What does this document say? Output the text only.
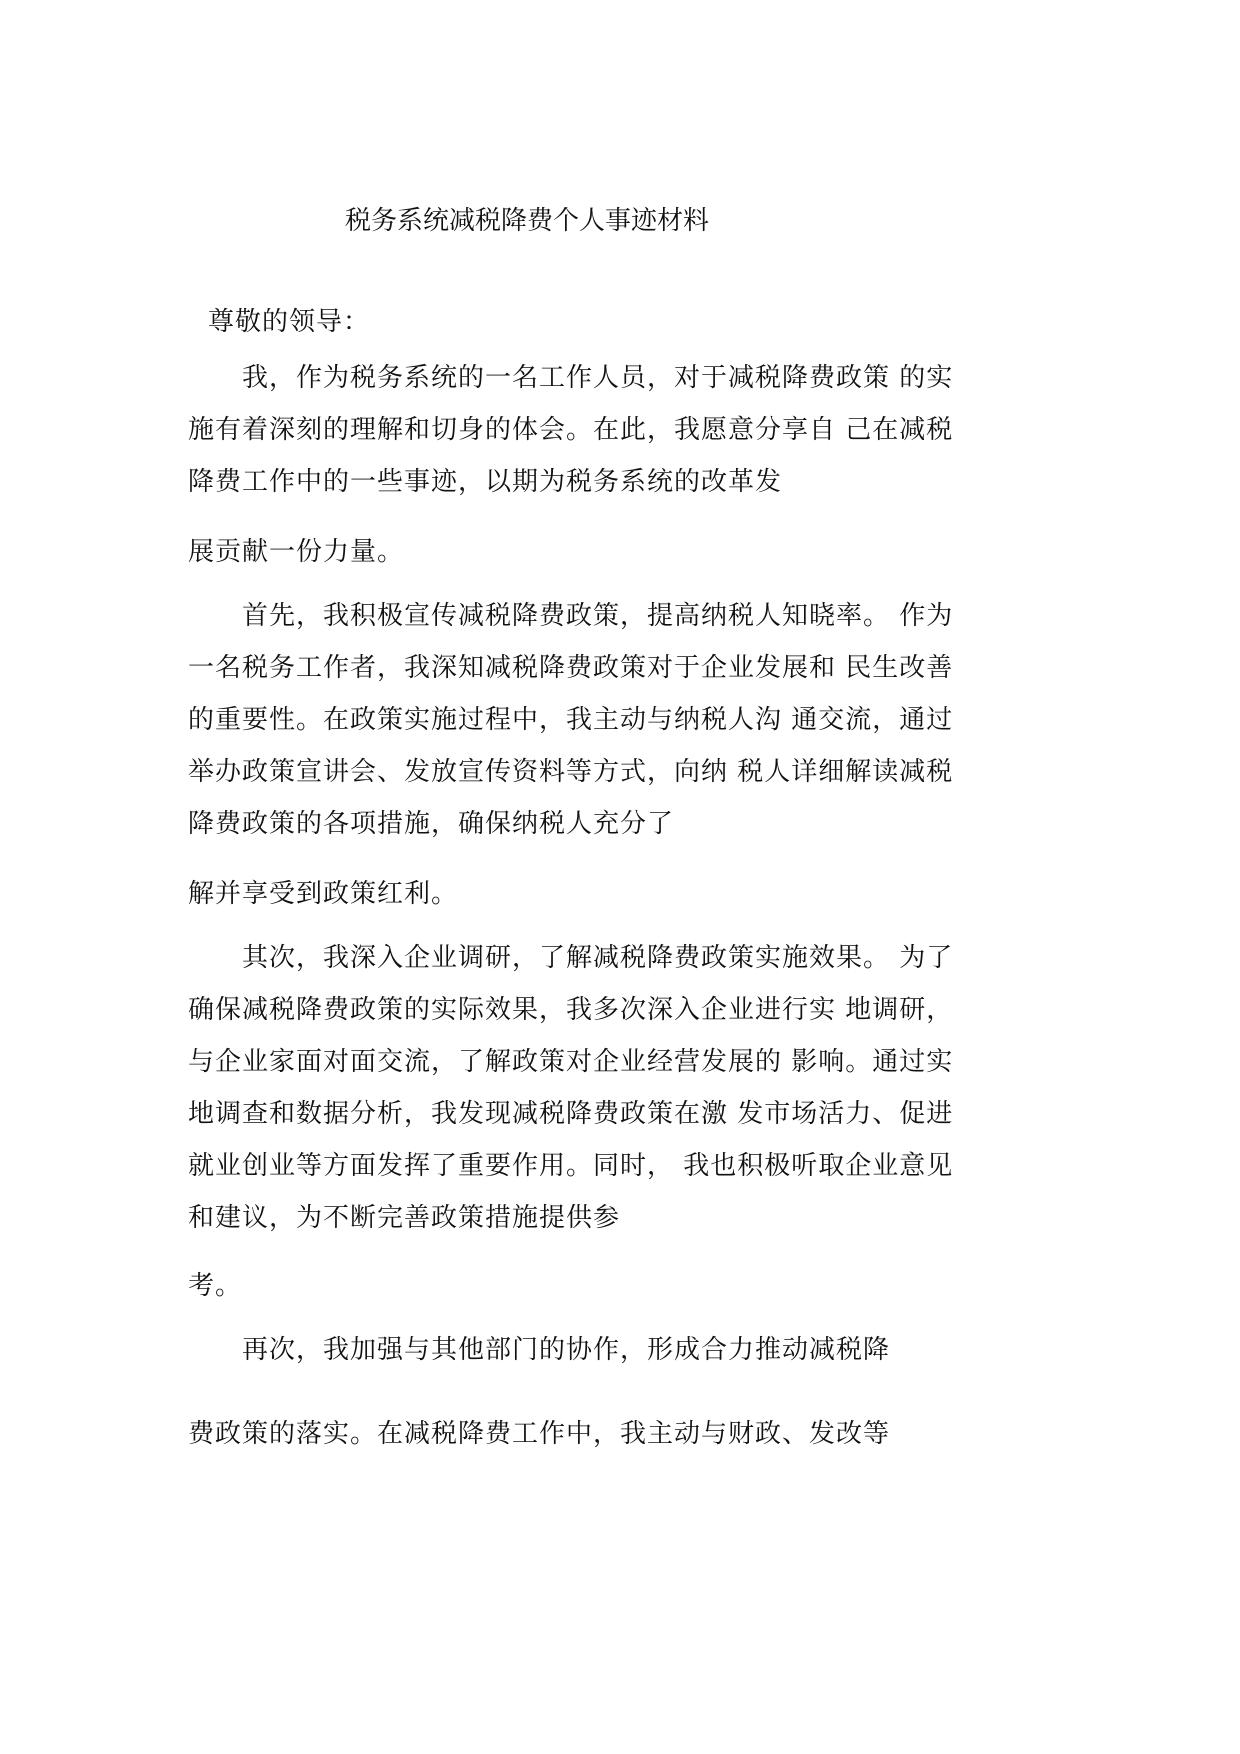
税务系统减税降费个人事迹材料
尊敬的领导：
　　我，作为税务系统的一名工作人员，对于减税降费政策 的实
施有着深刻的理解和切身的体会。在此，我愿意分享自 己在减税
降费工作中的一些事迹，以期为税务系统的改革发
展贡献一份力量。
　　首先，我积极宣传减税降费政策，提高纳税人知晓率。 作为
一名税务工作者，我深知减税降费政策对于企业发展和 民生改善
的重要性。在政策实施过程中，我主动与纳税人沟 通交流，通过
举办政策宣讲会、发放宣传资料等方式，向纳 税人详细解读减税
降费政策的各项措施，确保纳税人充分了
解并享受到政策红利。
　　其次，我深入企业调研，了解减税降费政策实施效果。 为了
确保减税降费政策的实际效果，我多次深入企业进行实 地调研，
与企业家面对面交流，了解政策对企业经营发展的 影响。通过实
地调查和数据分析，我发现减税降费政策在激 发市场活力、促进
就业创业等方面发挥了重要作用。同时， 我也积极听取企业意见
和建议，为不断完善政策措施提供参
考。
　　再次，我加强与其他部门的协作，形成合力推动减税降
费政策的落实。在减税降费工作中，我主动与财政、发改等
